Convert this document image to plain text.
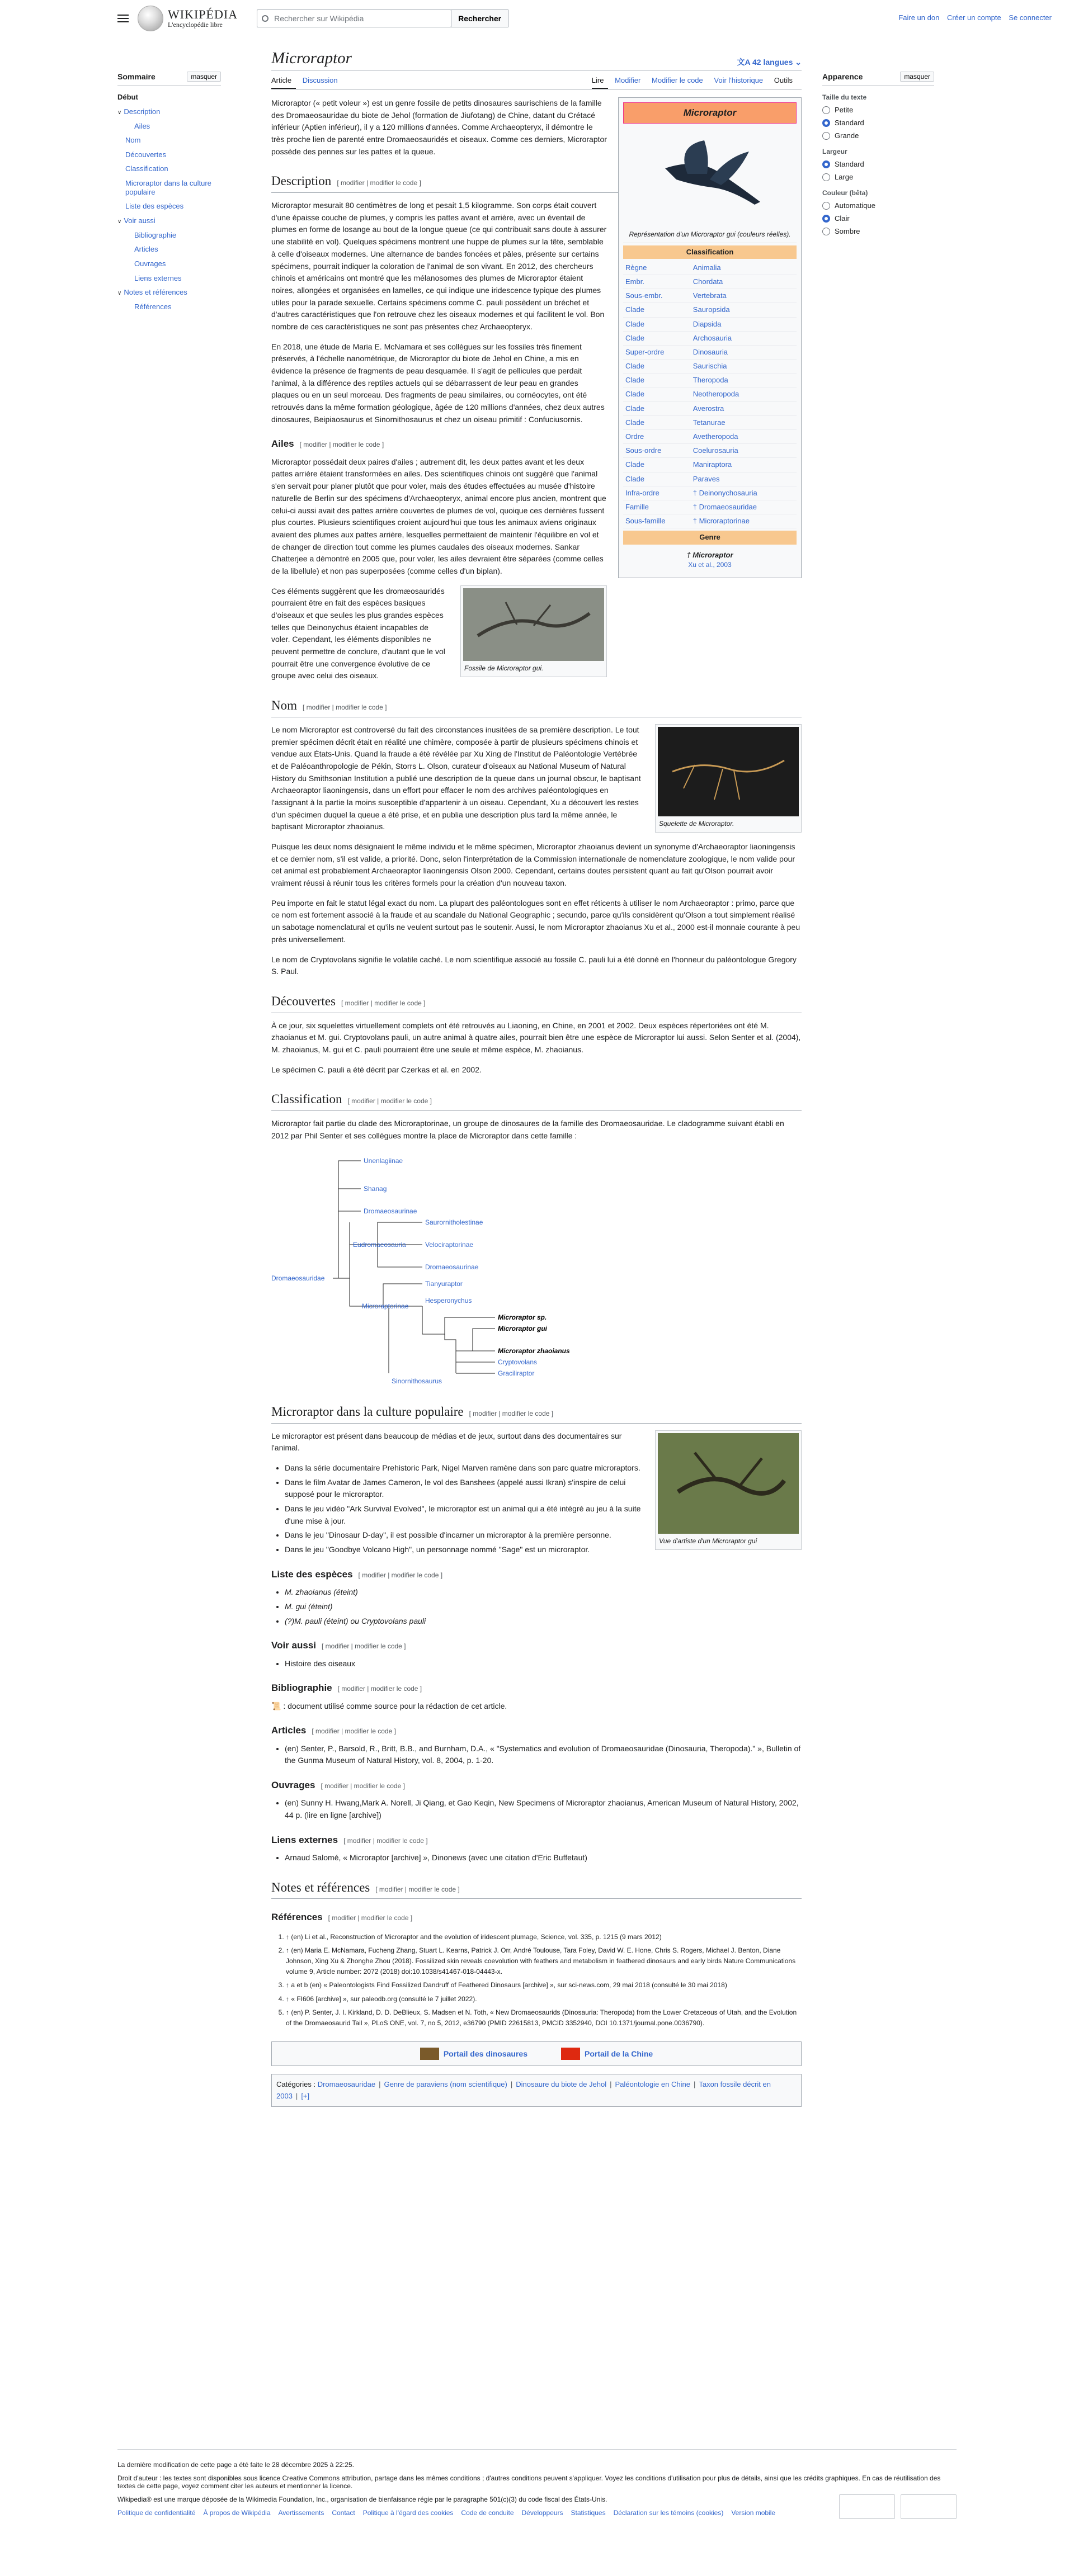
WIKIPÉDIA
L'encyclopédie libre
Rechercher sur Wikipédia	Rechercher	Faire un don Créer un compte Se connecter
Sommaire	masquer
Début
∨ Description
Ailes
Nom
Découvertes
Classification
Microraptor dans la culture populaire
Liste des espèces
∨ Voir aussi
Bibliographie
Articles
Ouvrages
Liens externes
∨ Notes et références
Références
Microraptor	文A 42 langues ⌄
Article Discussion	Lire Modifier Modifier le code Voir l'historique Outils
Microraptor
Représentation d'un Microraptor gui (couleurs réelles).
Classification
Règne	Animalia
Embr.	Chordata
Sous-embr.	Vertebrata
Clade	Sauropsida
Clade	Diapsida
Clade	Archosauria
Super-ordre	Dinosauria
Clade	Saurischia
Clade	Theropoda
Clade	Neotheropoda
Clade	Averostra
Clade	Tetanurae
Ordre	Avetheropoda
Sous-ordre	Coelurosauria
Clade	Maniraptora
Clade	Paraves
Infra-ordre	† Deinonychosauria
Famille	† Dromaeosauridae
Sous-famille	† Microraptorinae
Genre
† Microraptor
Xu et al., 2003

Microraptor (« petit voleur ») est un genre fossile de petits dinosaures saurischiens de la famille des Dromaeosauridae du biote de Jehol (formation de Jiufotang) de Chine, datant du Crétacé inférieur (Aptien inférieur), il y a 120 millions d'années. Comme Archaeopteryx, il démontre le très proche lien de parenté entre Dromaeosauridés et oiseaux. Comme ces derniers, Microraptor possède des pennes sur les pattes et la queue.

Description [ modifier | modifier le code ]

Microraptor mesurait 80 centimètres de long et pesait 1,5 kilogramme. Son corps était couvert d'une épaisse couche de plumes, y compris les pattes avant et arrière, avec un éventail de plumes en forme de losange au bout de la longue queue (ce qui contribuait sans doute à assurer une stabilité en vol). Quelques spécimens montrent une huppe de plumes sur la tête, semblable à celle d'oiseaux modernes. Une alternance de bandes foncées et pâles, présente sur certains spécimens, pourrait indiquer la coloration de l'animal de son vivant. En 2012, des chercheurs chinois et américains ont montré que les mélanosomes des plumes de Microraptor étaient noires, allongées et organisées en lamelles, ce qui indique une iridescence typique des plumes utiles pour la parade sexuelle. Certains spécimens comme C. pauli possèdent un bréchet et d'autres caractéristiques que l'on retrouve chez les oiseaux modernes et qui facilitent le vol. Bon nombre de ces caractéristiques ne sont pas présentes chez Archaeopteryx.

En 2018, une étude de Maria E. McNamara et ses collègues sur les fossiles très finement préservés, à l'échelle nanométrique, de Microraptor du biote de Jehol en Chine, a mis en évidence la présence de fragments de peau desquamée. Il s'agit de pellicules que perdait l'animal, à la différence des reptiles actuels qui se débarrassent de leur peau en grandes plaques ou en un seul morceau. Des fragments de peau similaires, ou cornéocytes, ont été retrouvés dans la même formation géologique, âgée de 120 millions d'années, chez deux autres dinosaures, Beipiaosaurus et Sinornithosaurus et chez un oiseau primitif : Confuciusornis.

Ailes [ modifier | modifier le code ]

Microraptor possédait deux paires d'ailes ; autrement dit, les deux pattes avant et les deux pattes arrière étaient transformées en ailes. Des scientifiques chinois ont suggéré que l'animal s'en servait pour planer plutôt que pour voler, mais des études effectuées au musée d'histoire naturelle de Berlin sur des spécimens d'Archaeopteryx, animal encore plus ancien, montrent que celui-ci aussi avait des pattes arrière couvertes de plumes de vol, quoique ces dernières fussent plus courtes. Plusieurs scientifiques croient aujourd'hui que tous les animaux aviens originaux avaient des plumes aux pattes arrière, lesquelles permettaient de maintenir l'équilibre en vol et de changer de direction tout comme les plumes caudales des oiseaux modernes. Sankar Chatterjee a démontré en 2005 que, pour voler, les ailes devraient être séparées (comme celles de la libellule) et non pas superposées (comme celles d'un biplan).

Fossile de Microraptor gui.

Ces éléments suggèrent que les dromæosauridés pourraient être en fait des espèces basiques d'oiseaux et que seules les plus grandes espèces telles que Deinonychus étaient incapables de voler. Cependant, les éléments disponibles ne peuvent permettre de conclure, d'autant que le vol pourrait être une convergence évolutive de ce groupe avec celui des oiseaux.

Nom [ modifier | modifier le code ]
Squelette de Microraptor.

Le nom Microraptor est controversé du fait des circonstances inusitées de sa première description. Le tout premier spécimen décrit était en réalité une chimère, composée à partir de plusieurs spécimens chinois et vendue aux États-Unis. Quand la fraude a été révélée par Xu Xing de l'Institut de Paléontologie Vertébrée et de Paléoanthropologie de Pékin, Storrs L. Olson, curateur d'oiseaux au National Museum of Natural History du Smithsonian Institution a publié une description de la queue dans un journal obscur, le baptisant Archaeoraptor liaoningensis, dans un effort pour effacer le nom des archives paléontologiques en l'assignant à la partie la moins susceptible d'appartenir à un oiseau. Cependant, Xu a découvert les restes d'un spécimen duquel la queue a été prise, et en publia une description plus tard la même année, le baptisant Microraptor zhaoianus.

Puisque les deux noms désignaient le même individu et le même spécimen, Microraptor zhaoianus devient un synonyme d'Archaeoraptor liaoningensis et ce dernier nom, s'il est valide, a priorité. Donc, selon l'interprétation de la Commission internationale de nomenclature zoologique, le nom valide pour cet animal est probablement Archaeoraptor liaoningensis Olson 2000. Cependant, certains doutes persistent quant au fait qu'Olson pourrait avoir vraiment réussi à réunir tous les critères formels pour la création d'un nouveau taxon.

Peu importe en fait le statut légal exact du nom. La plupart des paléontologues sont en effet réticents à utiliser le nom Archaeoraptor : primo, parce que ce nom est fortement associé à la fraude et au scandale du National Geographic ; secundo, parce qu'ils considèrent qu'Olson a tout simplement réalisé un sabotage nomenclatural et qu'ils ne veulent surtout pas le soutenir. Aussi, le nom Microraptor zhaoianus Xu et al., 2000 est-il monnaie courante à peu près universellement.

Le nom de Cryptovolans signifie le volatile caché. Le nom scientifique associé au fossile C. pauli lui a été donné en l'honneur du paléontologue Gregory S. Paul.

Découvertes [ modifier | modifier le code ]

À ce jour, six squelettes virtuellement complets ont été retrouvés au Liaoning, en Chine, en 2001 et 2002. Deux espèces répertoriées ont été M. zhaoianus et M. gui. Cryptovolans pauli, un autre animal à quatre ailes, pourrait bien être une espèce de Microraptor lui aussi. Selon Senter et al. (2004), M. zhaoianus, M. gui et C. pauli pourraient être une seule et même espèce, M. zhaoianus.

Le spécimen C. pauli a été décrit par Czerkas et al. en 2002.

Classification [ modifier | modifier le code ]

Microraptor fait partie du clade des Microraptorinae, un groupe de dinosaures de la famille des Dromaeosauridae. Le cladogramme suivant établi en 2012 par Phil Senter et ses collègues montre la place de Microraptor dans cette famille :

Dromaeosauridae
Unenlagiinae
Shanag
Dromaeosaurinae
Eudromaeosauria
Saurornitholestinae
Velociraptorinae
Dromaeosaurinae
Microraptorinae
Tianyuraptor
Hesperonychus
Microraptor sp.
Microraptor gui
Microraptor zhaoianus
Cryptovolans
Graciliraptor
Sinornithosaurus
Microraptor dans la culture populaire [ modifier | modifier le code ]
Vue d'artiste d'un Microraptor gui

Le microraptor est présent dans beaucoup de médias et de jeux, surtout dans des documentaires sur l'animal.

• Dans la série documentaire Prehistoric Park, Nigel Marven ramène dans son parc quatre microraptors.
• Dans le film Avatar de James Cameron, le vol des Banshees (appelé aussi Ikran) s'inspire de celui supposé pour le microraptor.
• Dans le jeu vidéo "Ark Survival Evolved", le microraptor est un animal qui a été intégré au jeu à la suite d'une mise à jour.
• Dans le jeu "Dinosaur D-day", il est possible d'incarner un microraptor à la première personne.
• Dans le jeu "Goodbye Volcano High", un personnage nommé "Sage" est un microraptor.
Liste des espèces [ modifier | modifier le code ]
• M. zhaoianus (éteint)
• M. gui (éteint)
• (?)M. pauli (éteint) ou Cryptovolans pauli
Voir aussi [ modifier | modifier le code ]
• Histoire des oiseaux
Bibliographie [ modifier | modifier le code ]

📜 : document utilisé comme source pour la rédaction de cet article.

Articles [ modifier | modifier le code ]
• (en) Senter, P., Barsold, R., Britt, B.B., and Burnham, D.A., « "Systematics and evolution of Dromaeosauridae (Dinosauria, Theropoda)." », Bulletin of the Gunma Museum of Natural History, vol. 8, 2004, p. 1-20.
Ouvrages [ modifier | modifier le code ]
• (en) Sunny H. Hwang,Mark A. Norell, Ji Qiang, et Gao Keqin, New Specimens of Microraptor zhaoianus, American Museum of Natural History, 2002, 44 p. (lire en ligne [archive])
Liens externes [ modifier | modifier le code ]
• Arnaud Salomé, « Microraptor [archive] », Dinonews (avec une citation d'Eric Buffetaut)
Notes et références [ modifier | modifier le code ]
Références [ modifier | modifier le code ]
1. ↑ (en) Li et al., Reconstruction of Microraptor and the evolution of iridescent plumage, Science, vol. 335, p. 1215 (9 mars 2012)
2. ↑ (en) Maria E. McNamara, Fucheng Zhang, Stuart L. Kearns, Patrick J. Orr, André Toulouse, Tara Foley, David W. E. Hone, Chris S. Rogers, Michael J. Benton, Diane Johnson, Xing Xu & Zhonghe Zhou (2018). Fossilized skin reveals coevolution with feathers and metabolism in feathered dinosaurs and early birds Nature Communications volume 9, Article number: 2072 (2018) doi:10.1038/s41467-018-04443-x.
3. ↑ a et b (en) « Paleontologists Find Fossilized Dandruff of Feathered Dinosaurs [archive] », sur sci-news.com, 29 mai 2018 (consulté le 30 mai 2018)
4. ↑ « FI606 [archive] », sur paleodb.org (consulté le 7 juillet 2022).
5. ↑ (en) P. Senter, J. I. Kirkland, D. D. DeBlieux, S. Madsen et N. Toth, « New Dromaeosaurids (Dinosauria: Theropoda) from the Lower Cretaceous of Utah, and the Evolution of the Dromaeosaurid Tail », PLoS ONE, vol. 7, no 5, 2012, e36790 (PMID 22615813, PMCID 3352940, DOI 10.1371/journal.pone.0036790).
Portail des dinosaures	Portail de la Chine
Catégories : Dromaeosauridae | Genre de paraviens (nom scientifique) | Dinosaure du biote de Jehol | Paléontologie en Chine | Taxon fossile décrit en 2003 | [+]
Apparence	masquer
Taille du texte
Petite
Standard
Grande
Largeur
Standard
Large
Couleur (bêta)
Automatique
Clair
Sombre

La dernière modification de cette page a été faite le 28 décembre 2025 à 22:25.

Droit d'auteur : les textes sont disponibles sous licence Creative Commons attribution, partage dans les mêmes conditions ; d'autres conditions peuvent s'appliquer. Voyez les conditions d'utilisation pour plus de détails, ainsi que les crédits graphiques. En cas de réutilisation des textes de cette page, voyez comment citer les auteurs et mentionner la licence.

Wikipedia® est une marque déposée de la Wikimedia Foundation, Inc., organisation de bienfaisance régie par le paragraphe 501(c)(3) du code fiscal des États-Unis.

Politique de confidentialité À propos de Wikipédia Avertissements Contact Politique à l'égard des cookies Code de conduite Développeurs Statistiques Déclaration sur les témoins (cookies) Version mobile
